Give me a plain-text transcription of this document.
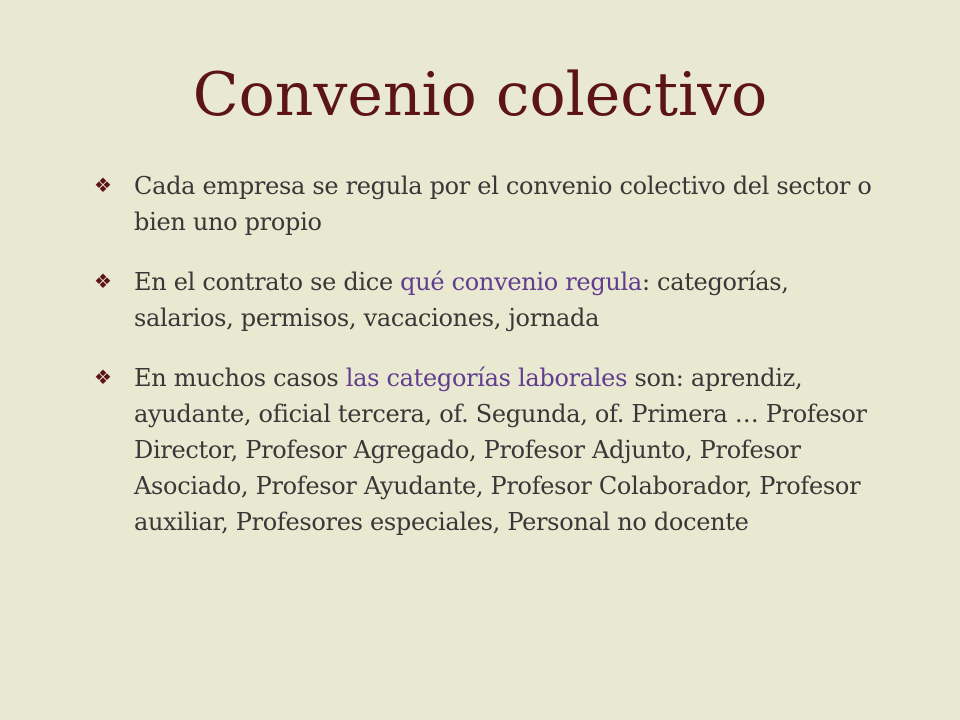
Convenio colectivo
❖ Cada empresa se regula por el convenio colectivo del sector o bien uno propio
❖ En el contrato se dice qué convenio regula: categorías, salarios, permisos, vacaciones, jornada
❖ En muchos casos las categorías laborales son: aprendiz, ayudante, oficial tercera, of. Segunda, of. Primera … Profesor Director, Profesor Agregado, Profesor Adjunto, Profesor Asociado, Profesor Ayudante, Profesor Colaborador, Profesor auxiliar, Profesores especiales, Personal no docente
